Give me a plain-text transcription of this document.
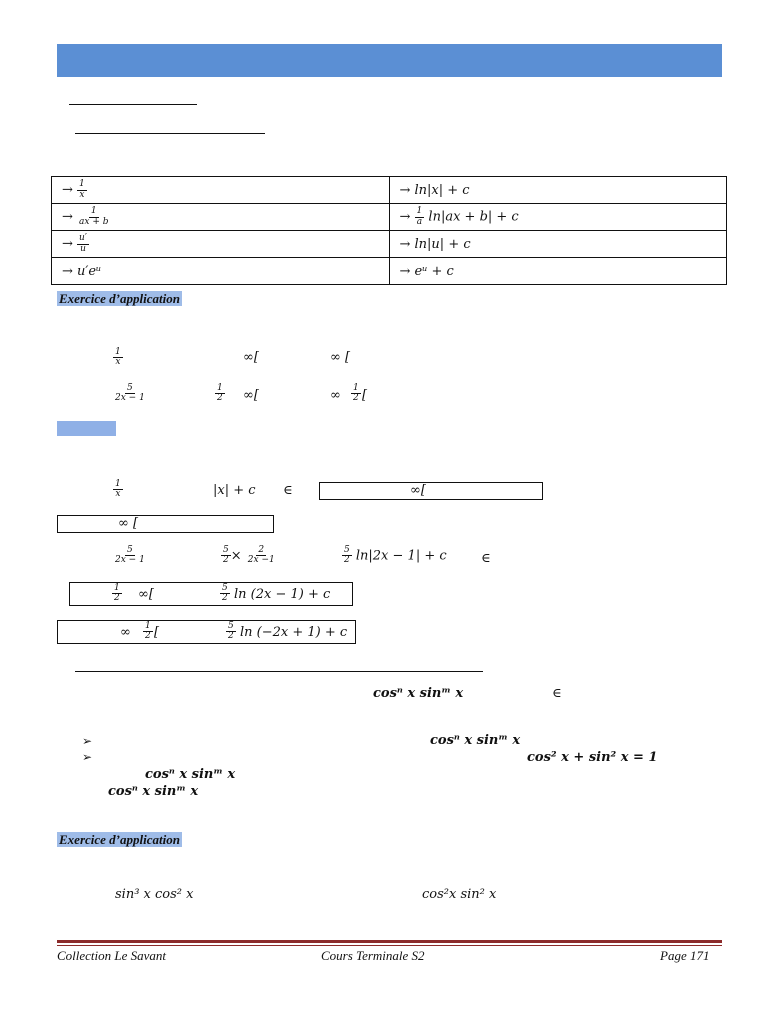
→ $\frac{1}{x}$	→ ln|x| + c
→ $\frac{1}{ax + b}$	→ $\frac{1}{a} \ln|ax + b| + c$
→ $\frac{u'}{u}$	→ ln|u| + c
→ u′eᵘ	→ eᵘ + c
Exercice d’application
$\frac{1}{x}$	∞[	∞ [
$\frac{5}{2x - 1}$	$\frac{1}{2}$ ∞[	∞ $\frac{1}{2}$ [
$\frac{1}{x}$	|x| + c ∈	∞[
∞ [
$\frac{5}{2x - 1}$	$\frac{5}{2} \times \frac{2}{2x -1}$	$\frac{5}{2} \ln|2x - 1| + c$	∈
$\frac{1}{2}$ ∞[	$\frac{5}{2}$ ln (2x − 1) + c
∞ $\frac{1}{2}$ [	$\frac{5}{2}$ ln (−2x + 1) + c
cosⁿ x sinᵐ x	∈
➢	cosⁿ x sinᵐ x
➢	cos² x + sin² x = 1
cosⁿ x sinᵐ x
cosⁿ x sinᵐ x
Exercice d’application
sin³ x cos² x	cos²x sin² x
Collection Le Savant	Cours Terminale S2	Page 171
